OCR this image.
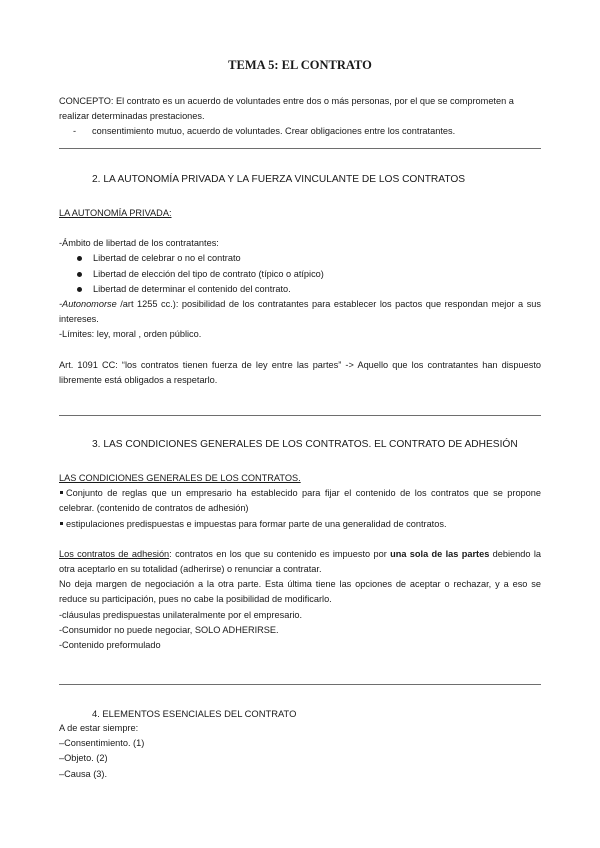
TEMA 5: EL CONTRATO

CONCEPTO: El contrato es un acuerdo de voluntades entre dos o más personas, por el que se comprometen a realizar determinadas prestaciones.

- consentimiento mutuo, acuerdo de voluntades. Crear obligaciones entre los contratantes.
2. LA AUTONOMÍA PRIVADA Y LA FUERZA VINCULANTE DE LOS CONTRATOS

LA AUTONOMÍA PRIVADA:

-Ámbito de libertad de los contratantes:

Libertad de celebrar o no el contrato
Libertad de elección del tipo de contrato (típico o atípico)
Libertad de determinar el contenido del contrato.

-Autonomorse /art 1255 cc.): posibilidad de los contratantes para establecer los pactos que respondan mejor a sus intereses.

-Límites: ley, moral , orden público.

Art. 1091 CC: “los contratos tienen fuerza de ley entre las partes” -> Aquello que los contratantes han dispuesto libremente está obligados a respetarlo.

3. LAS CONDICIONES GENERALES DE LOS CONTRATOS. EL CONTRATO DE ADHESIÓN

LAS CONDICIONES GENERALES DE LOS CONTRATOS.

Conjunto de reglas que un empresario ha establecido para fijar el contenido de los contratos que se propone celebrar. (contenido de contratos de adhesión)

estipulaciones predispuestas e impuestas para formar parte de una generalidad de contratos.

Los contratos de adhesión: contratos en los que su contenido es impuesto por una sola de las partes debiendo la otra aceptarlo en su totalidad (adherirse) o renunciar a contratar.

No deja margen de negociación a la otra parte. Esta última tiene las opciones de aceptar o rechazar, y a eso se reduce su participación, pues no cabe la posibilidad de modificarlo.

-cláusulas predispuestas unilateralmente por el empresario.

-Consumidor no puede negociar, SOLO ADHERIRSE.

-Contenido preformulado

4. ELEMENTOS ESENCIALES DEL CONTRATO

A de estar siempre:

–Consentimiento. (1)

–Objeto. (2)

–Causa (3).
